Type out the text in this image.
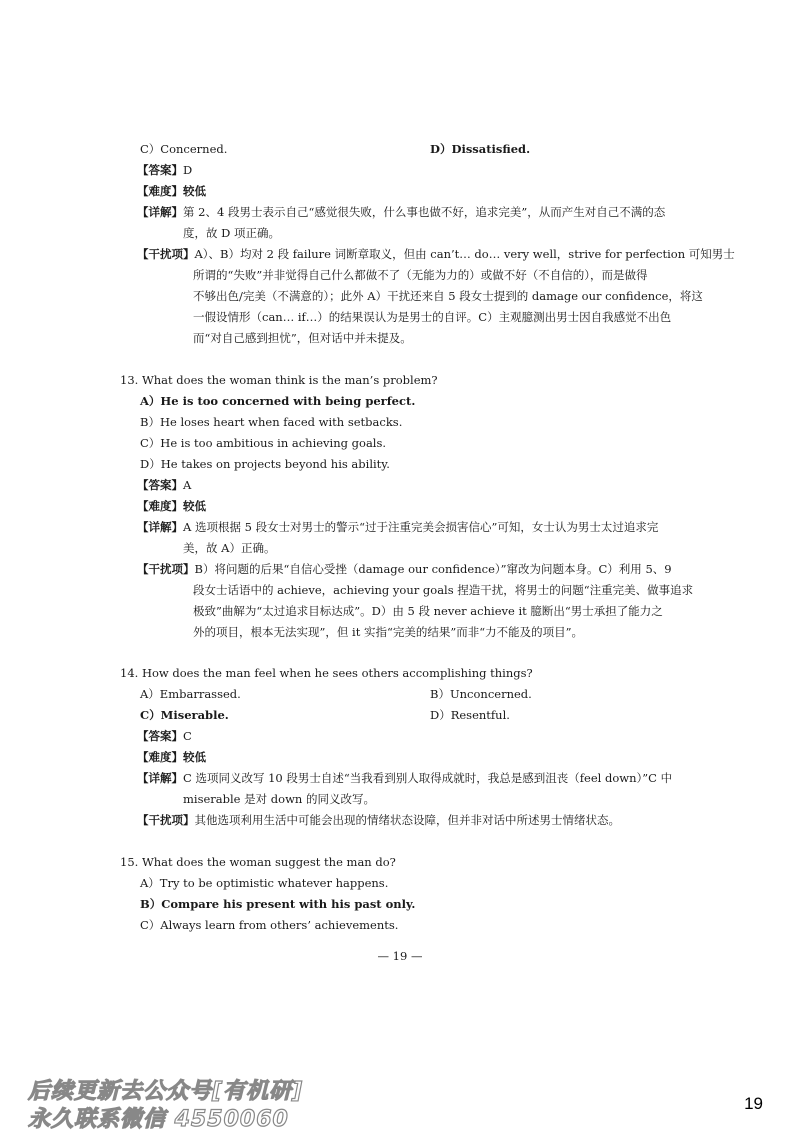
C）Concerned.	D）Dissatisfied.
【答案】D
【难度】较低
【详解】第 2、4 段男士表示自己“感觉很失败，什么事也做不好，追求完美”，从而产生对自己不满的态
度，故 D 项正确。
【干扰项】A）、B）均对 2 段 failure 词断章取义，但由 can’t… do… very well，strive for perfection 可知男士
所谓的“失败”并非觉得自己什么都做不了（无能为力的）或做不好（不自信的），而是做得
不够出色/完美（不满意的）；此外 A）干扰还来自 5 段女士提到的 damage our confidence，将这
一假设情形（can… if…）的结果误认为是男士的自评。C）主观臆测出男士因自我感觉不出色
而“对自己感到担忧”，但对话中并未提及。
13. What does the woman think is the man’s problem?
A）He is too concerned with being perfect.
B）He loses heart when faced with setbacks.
C）He is too ambitious in achieving goals.
D）He takes on projects beyond his ability.
【答案】A
【难度】较低
【详解】A 选项根据 5 段女士对男士的警示“过于注重完美会损害信心”可知，女士认为男士太过追求完
美，故 A）正确。
【干扰项】B）将问题的后果“自信心受挫（damage our confidence）”窜改为问题本身。C）利用 5、9
段女士话语中的 achieve，achieving your goals 捏造干扰，将男士的问题“注重完美、做事追求
极致”曲解为“太过追求目标达成”。D）由 5 段 never achieve it 臆断出“男士承担了能力之
外的项目，根本无法实现”，但 it 实指“完美的结果”而非“力不能及的项目”。
14. How does the man feel when he sees others accomplishing things?
A）Embarrassed.	B）Unconcerned.
C）Miserable.	D）Resentful.
【答案】C
【难度】较低
【详解】C 选项同义改写 10 段男士自述“当我看到别人取得成就时，我总是感到沮丧（feel down）”C 中
miserable 是对 down 的同义改写。
【干扰项】其他选项利用生活中可能会出现的情绪状态设障，但并非对话中所述男士情绪状态。
15. What does the woman suggest the man do?
A）Try to be optimistic whatever happens.
B）Compare his present with his past only.
C）Always learn from others’ achievements.
— 19 —
后续更新去公众号[有机研]
永久联系微信 4550060
19
